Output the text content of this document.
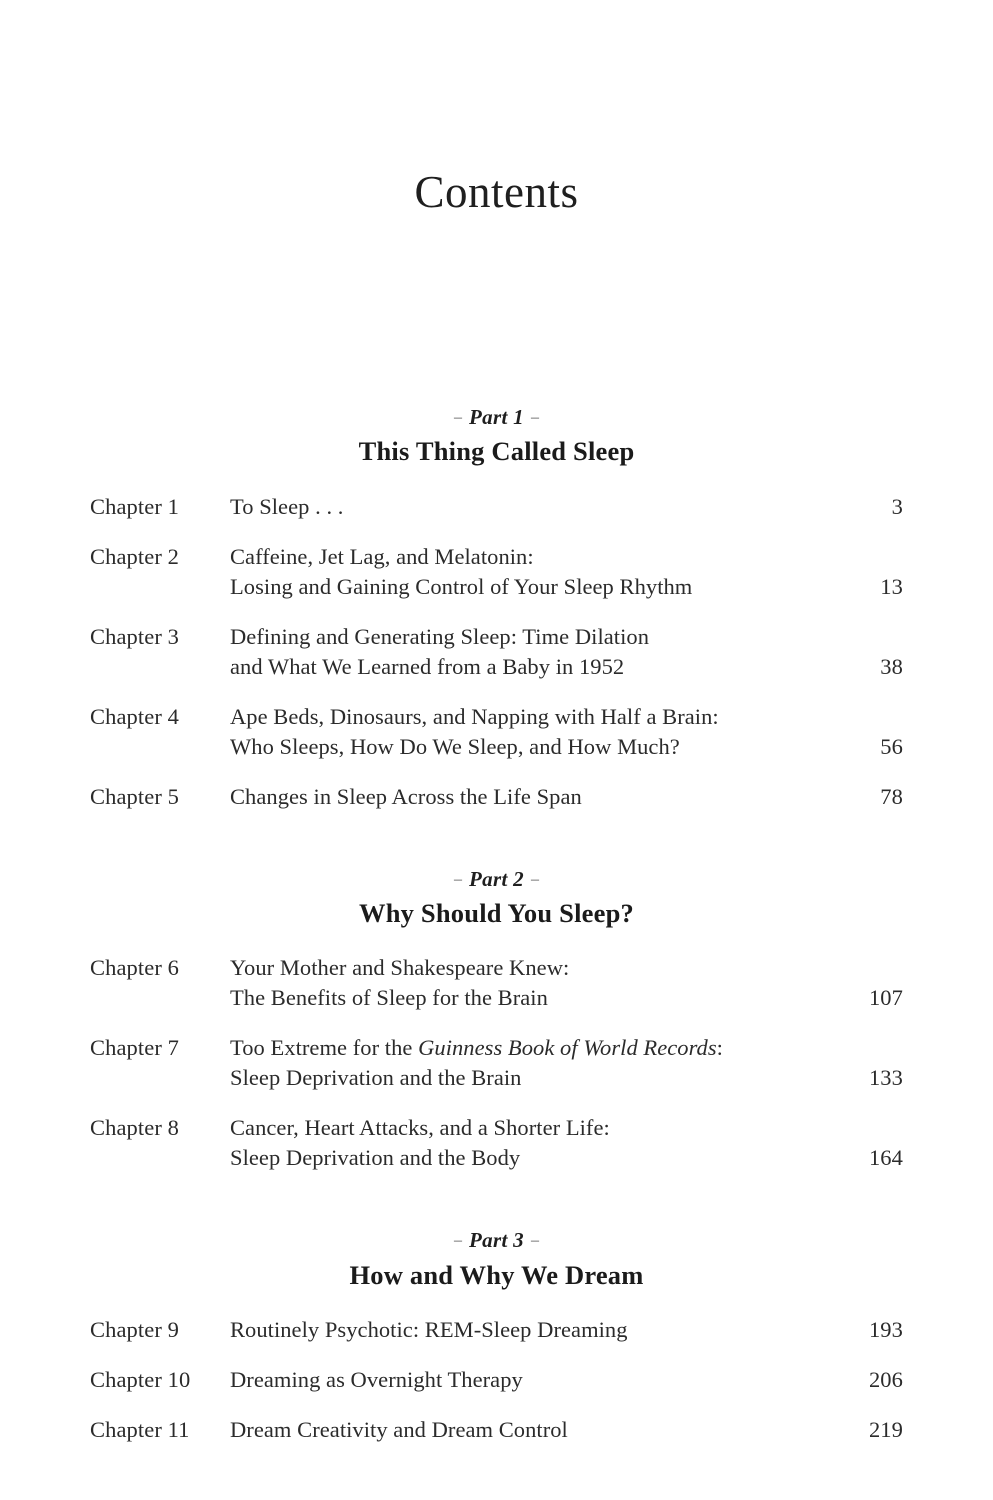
Contents
– Part 1 –
This Thing Called Sleep
Chapter 1	To Sleep . . .	3
Chapter 2	Caffeine, Jet Lag, and Melatonin:
Losing and Gaining Control of Your Sleep Rhythm	13
Chapter 3	Defining and Generating Sleep: Time Dilation
and What We Learned from a Baby in 1952	38
Chapter 4	Ape Beds, Dinosaurs, and Napping with Half a Brain:
Who Sleeps, How Do We Sleep, and How Much?	56
Chapter 5	Changes in Sleep Across the Life Span	78
– Part 2 –
Why Should You Sleep?
Chapter 6	Your Mother and Shakespeare Knew:
The Benefits of Sleep for the Brain	107
Chapter 7	Too Extreme for the Guinness Book of World Records:
Sleep Deprivation and the Brain	133
Chapter 8	Cancer, Heart Attacks, and a Shorter Life:
Sleep Deprivation and the Body	164
– Part 3 –
How and Why We Dream
Chapter 9	Routinely Psychotic: REM-Sleep Dreaming	193
Chapter 10	Dreaming as Overnight Therapy	206
Chapter 11	Dream Creativity and Dream Control	219
